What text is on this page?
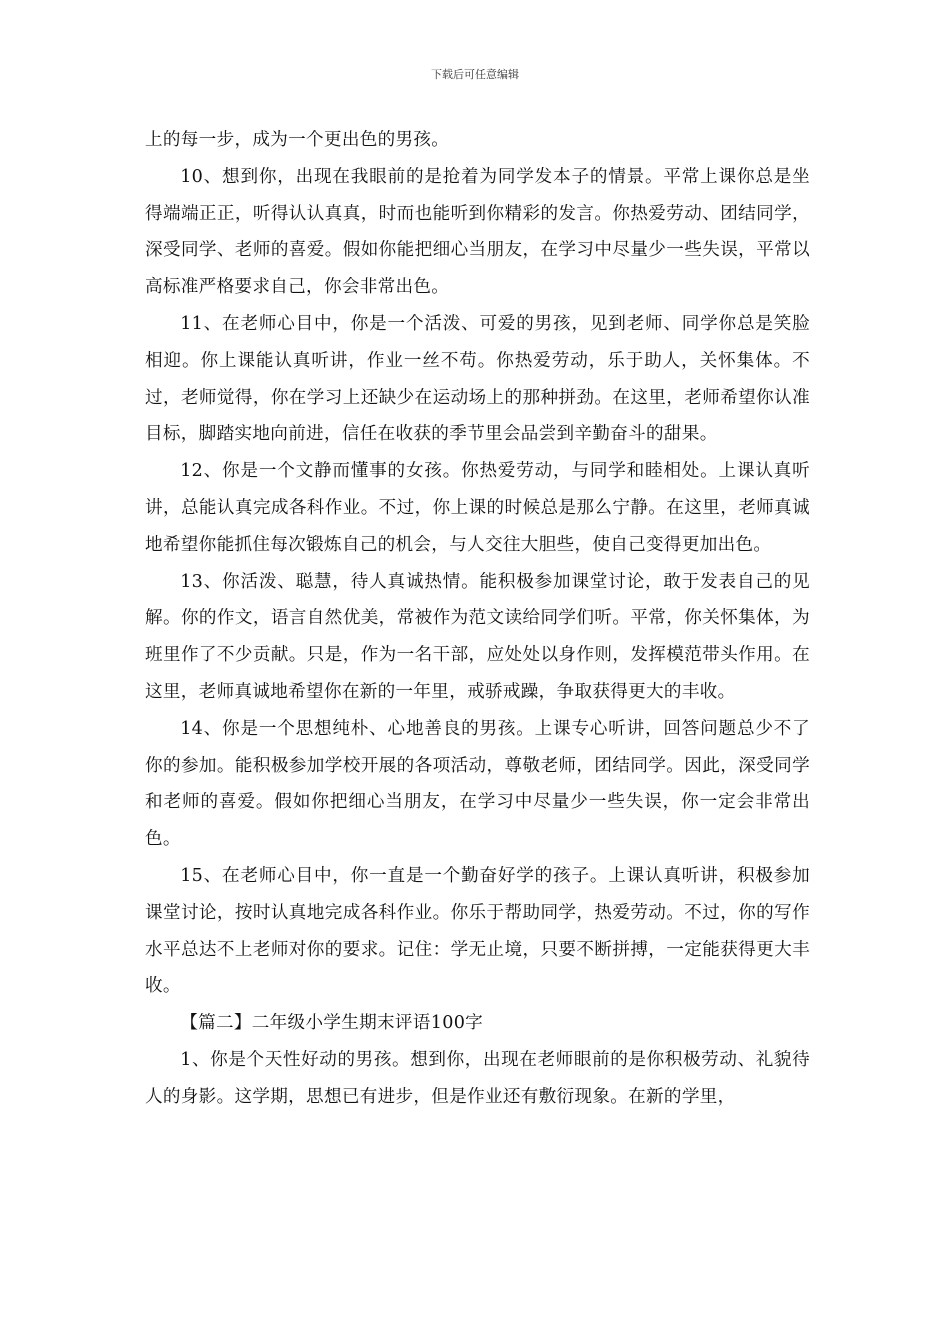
下载后可任意编辑

上的每一步，成为一个更出色的男孩。

10、想到你，出现在我眼前的是抢着为同学发本子的情景。平常上课你总是坐得端端正正，听得认认真真，时而也能听到你精彩的发言。你热爱劳动、团结同学，深受同学、老师的喜爱。假如你能把细心当朋友，在学习中尽量少一些失误，平常以高标准严格要求自己，你会非常出色。

11、在老师心目中，你是一个活泼、可爱的男孩，见到老师、同学你总是笑脸相迎。你上课能认真听讲，作业一丝不苟。你热爱劳动，乐于助人，关怀集体。不过，老师觉得，你在学习上还缺少在运动场上的那种拼劲。在这里，老师希望你认准目标，脚踏实地向前进，信任在收获的季节里会品尝到辛勤奋斗的甜果。

12、你是一个文静而懂事的女孩。你热爱劳动，与同学和睦相处。上课认真听讲，总能认真完成各科作业。不过，你上课的时候总是那么宁静。在这里，老师真诚地希望你能抓住每次锻炼自己的机会，与人交往大胆些，使自己变得更加出色。

13、你活泼、聪慧，待人真诚热情。能积极参加课堂讨论，敢于发表自己的见解。你的作文，语言自然优美，常被作为范文读给同学们听。平常，你关怀集体，为班里作了不少贡献。只是，作为一名干部，应处处以身作则，发挥模范带头作用。在这里，老师真诚地希望你在新的一年里，戒骄戒躁，争取获得更大的丰收。

14、你是一个思想纯朴、心地善良的男孩。上课专心听讲，回答问题总少不了你的参加。能积极参加学校开展的各项活动，尊敬老师，团结同学。因此，深受同学和老师的喜爱。假如你把细心当朋友，在学习中尽量少一些失误，你一定会非常出色。

15、在老师心目中，你一直是一个勤奋好学的孩子。上课认真听讲，积极参加课堂讨论，按时认真地完成各科作业。你乐于帮助同学，热爱劳动。不过，你的写作水平总达不上老师对你的要求。记住：学无止境，只要不断拼搏，一定能获得更大丰收。

【篇二】二年级小学生期末评语100字

1、你是个天性好动的男孩。想到你，出现在老师眼前的是你积极劳动、礼貌待人的身影。这学期，思想已有进步，但是作业还有敷衍现象。在新的学里，
